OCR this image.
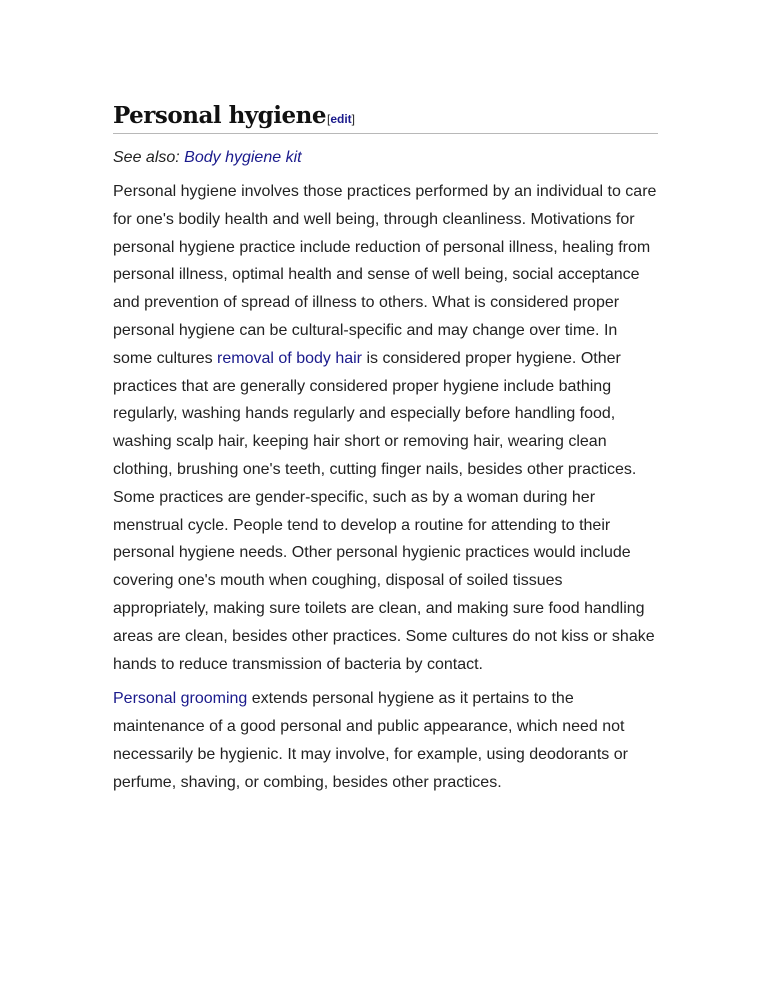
Personal hygiene [edit]
See also: Body hygiene kit

Personal hygiene involves those practices performed by an individual to care for one's bodily health and well being, through cleanliness. Motivations for personal hygiene practice include reduction of personal illness, healing from personal illness, optimal health and sense of well being, social acceptance and prevention of spread of illness to others. What is considered proper personal hygiene can be cultural-specific and may change over time. In some cultures removal of body hair is considered proper hygiene. Other practices that are generally considered proper hygiene include bathing regularly, washing hands regularly and especially before handling food, washing scalp hair, keeping hair short or removing hair, wearing clean clothing, brushing one's teeth, cutting finger nails, besides other practices. Some practices are gender-specific, such as by a woman during her menstrual cycle. People tend to develop a routine for attending to their personal hygiene needs. Other personal hygienic practices would include covering one's mouth when coughing, disposal of soiled tissues appropriately, making sure toilets are clean, and making sure food handling areas are clean, besides other practices. Some cultures do not kiss or shake hands to reduce transmission of bacteria by contact.

Personal grooming extends personal hygiene as it pertains to the maintenance of a good personal and public appearance, which need not necessarily be hygienic. It may involve, for example, using deodorants or perfume, shaving, or combing, besides other practices.
